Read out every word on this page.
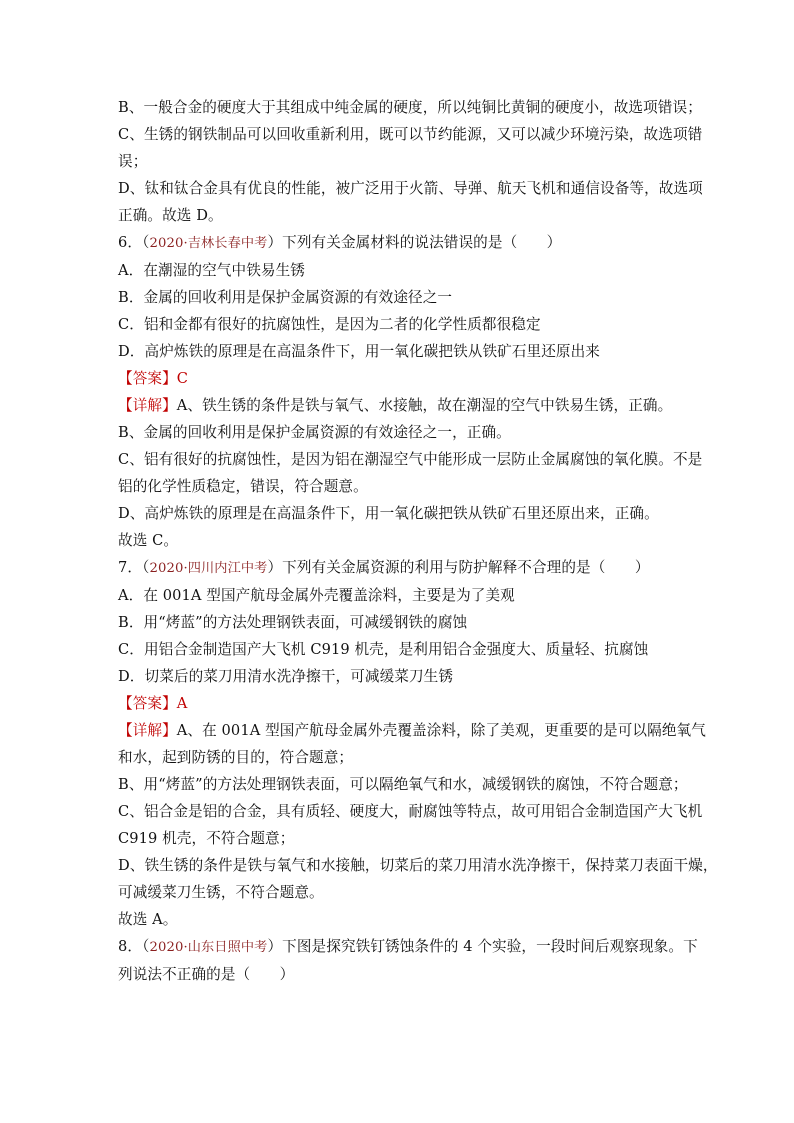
B、一般合金的硬度大于其组成中纯金属的硬度，所以纯铜比黄铜的硬度小，故选项错误；
C、生锈的钢铁制品可以回收重新利用，既可以节约能源，又可以减少环境污染，故选项错
误；
D、钛和钛合金具有优良的性能，被广泛用于火箭、导弹、航天飞机和通信设备等，故选项
正确。故选 D。
6．（2020·吉林长春中考）下列有关金属材料的说法错误的是（　　）
A．在潮湿的空气中铁易生锈
B．金属的回收利用是保护金属资源的有效途径之一
C．铝和金都有很好的抗腐蚀性，是因为二者的化学性质都很稳定
D．高炉炼铁的原理是在高温条件下，用一氧化碳把铁从铁矿石里还原出来
【答案】C
【详解】A、铁生锈的条件是铁与氧气、水接触，故在潮湿的空气中铁易生锈，正确。
B、金属的回收利用是保护金属资源的有效途径之一，正确。
C、铝有很好的抗腐蚀性，是因为铝在潮湿空气中能形成一层防止金属腐蚀的氧化膜。不是
铝的化学性质稳定，错误，符合题意。
D、高炉炼铁的原理是在高温条件下，用一氧化碳把铁从铁矿石里还原出来，正确。
故选 C。
7．（2020·四川内江中考）下列有关金属资源的利用与防护解释不合理的是（　　）
A．在 001A 型国产航母金属外壳覆盖涂料，主要是为了美观
B．用“烤蓝”的方法处理钢铁表面，可减缓钢铁的腐蚀
C．用铝合金制造国产大飞机 C919 机壳，是利用铝合金强度大、质量轻、抗腐蚀
D．切菜后的菜刀用清水洗净擦干，可减缓菜刀生锈
【答案】A
【详解】A、在 001A 型国产航母金属外壳覆盖涂料，除了美观，更重要的是可以隔绝氧气
和水，起到防锈的目的，符合题意；
B、用“烤蓝”的方法处理钢铁表面，可以隔绝氧气和水，减缓钢铁的腐蚀，不符合题意；
C、铝合金是铝的合金，具有质轻、硬度大，耐腐蚀等特点，故可用铝合金制造国产大飞机
C919 机壳，不符合题意；
D、铁生锈的条件是铁与氧气和水接触，切菜后的菜刀用清水洗净擦干，保持菜刀表面干燥，
可减缓菜刀生锈，不符合题意。
故选 A。
8．（2020·山东日照中考）下图是探究铁钉锈蚀条件的 4 个实验，一段时间后观察现象。下
列说法不正确的是（　　）
